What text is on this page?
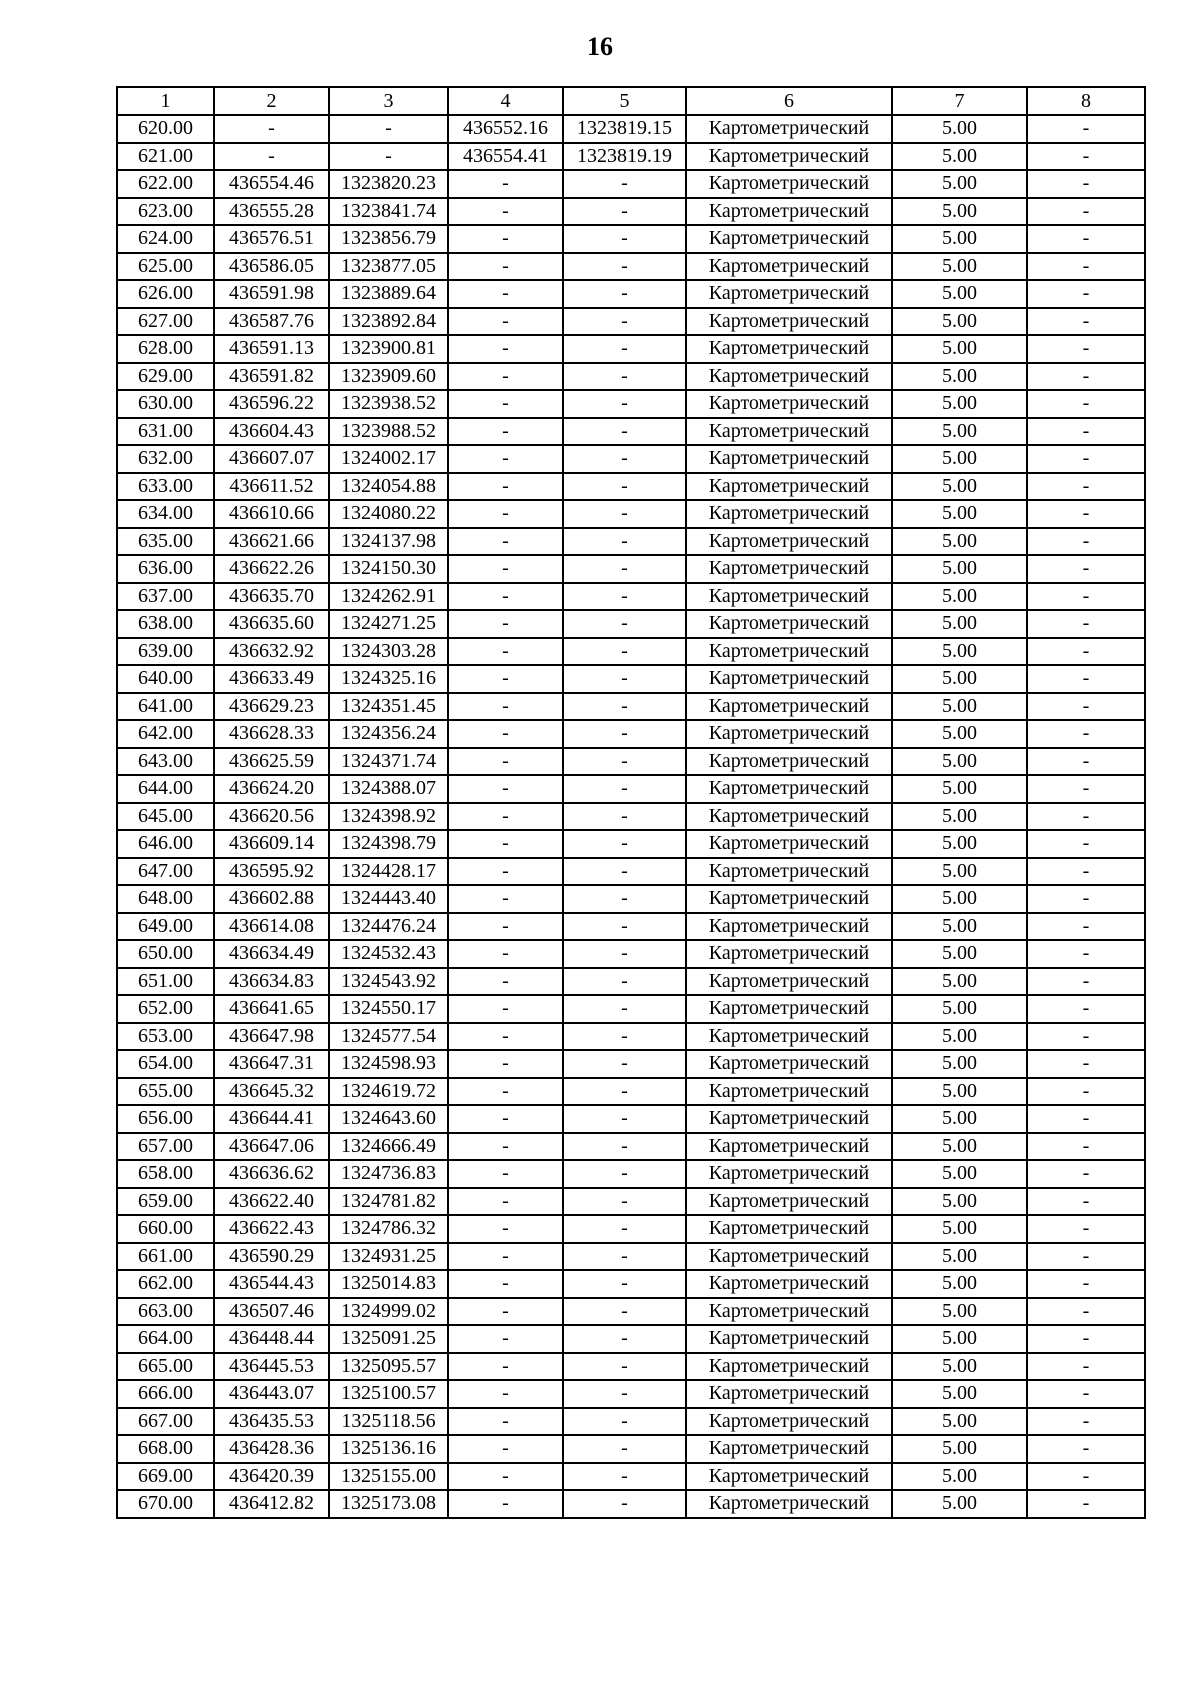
16
1	2	3	4	5	6	7	8
620.00	-	-	436552.16	1323819.15	Картометрический	5.00	-
621.00	-	-	436554.41	1323819.19	Картометрический	5.00	-
622.00	436554.46	1323820.23	-	-	Картометрический	5.00	-
623.00	436555.28	1323841.74	-	-	Картометрический	5.00	-
624.00	436576.51	1323856.79	-	-	Картометрический	5.00	-
625.00	436586.05	1323877.05	-	-	Картометрический	5.00	-
626.00	436591.98	1323889.64	-	-	Картометрический	5.00	-
627.00	436587.76	1323892.84	-	-	Картометрический	5.00	-
628.00	436591.13	1323900.81	-	-	Картометрический	5.00	-
629.00	436591.82	1323909.60	-	-	Картометрический	5.00	-
630.00	436596.22	1323938.52	-	-	Картометрический	5.00	-
631.00	436604.43	1323988.52	-	-	Картометрический	5.00	-
632.00	436607.07	1324002.17	-	-	Картометрический	5.00	-
633.00	436611.52	1324054.88	-	-	Картометрический	5.00	-
634.00	436610.66	1324080.22	-	-	Картометрический	5.00	-
635.00	436621.66	1324137.98	-	-	Картометрический	5.00	-
636.00	436622.26	1324150.30	-	-	Картометрический	5.00	-
637.00	436635.70	1324262.91	-	-	Картометрический	5.00	-
638.00	436635.60	1324271.25	-	-	Картометрический	5.00	-
639.00	436632.92	1324303.28	-	-	Картометрический	5.00	-
640.00	436633.49	1324325.16	-	-	Картометрический	5.00	-
641.00	436629.23	1324351.45	-	-	Картометрический	5.00	-
642.00	436628.33	1324356.24	-	-	Картометрический	5.00	-
643.00	436625.59	1324371.74	-	-	Картометрический	5.00	-
644.00	436624.20	1324388.07	-	-	Картометрический	5.00	-
645.00	436620.56	1324398.92	-	-	Картометрический	5.00	-
646.00	436609.14	1324398.79	-	-	Картометрический	5.00	-
647.00	436595.92	1324428.17	-	-	Картометрический	5.00	-
648.00	436602.88	1324443.40	-	-	Картометрический	5.00	-
649.00	436614.08	1324476.24	-	-	Картометрический	5.00	-
650.00	436634.49	1324532.43	-	-	Картометрический	5.00	-
651.00	436634.83	1324543.92	-	-	Картометрический	5.00	-
652.00	436641.65	1324550.17	-	-	Картометрический	5.00	-
653.00	436647.98	1324577.54	-	-	Картометрический	5.00	-
654.00	436647.31	1324598.93	-	-	Картометрический	5.00	-
655.00	436645.32	1324619.72	-	-	Картометрический	5.00	-
656.00	436644.41	1324643.60	-	-	Картометрический	5.00	-
657.00	436647.06	1324666.49	-	-	Картометрический	5.00	-
658.00	436636.62	1324736.83	-	-	Картометрический	5.00	-
659.00	436622.40	1324781.82	-	-	Картометрический	5.00	-
660.00	436622.43	1324786.32	-	-	Картометрический	5.00	-
661.00	436590.29	1324931.25	-	-	Картометрический	5.00	-
662.00	436544.43	1325014.83	-	-	Картометрический	5.00	-
663.00	436507.46	1324999.02	-	-	Картометрический	5.00	-
664.00	436448.44	1325091.25	-	-	Картометрический	5.00	-
665.00	436445.53	1325095.57	-	-	Картометрический	5.00	-
666.00	436443.07	1325100.57	-	-	Картометрический	5.00	-
667.00	436435.53	1325118.56	-	-	Картометрический	5.00	-
668.00	436428.36	1325136.16	-	-	Картометрический	5.00	-
669.00	436420.39	1325155.00	-	-	Картометрический	5.00	-
670.00	436412.82	1325173.08	-	-	Картометрический	5.00	-
